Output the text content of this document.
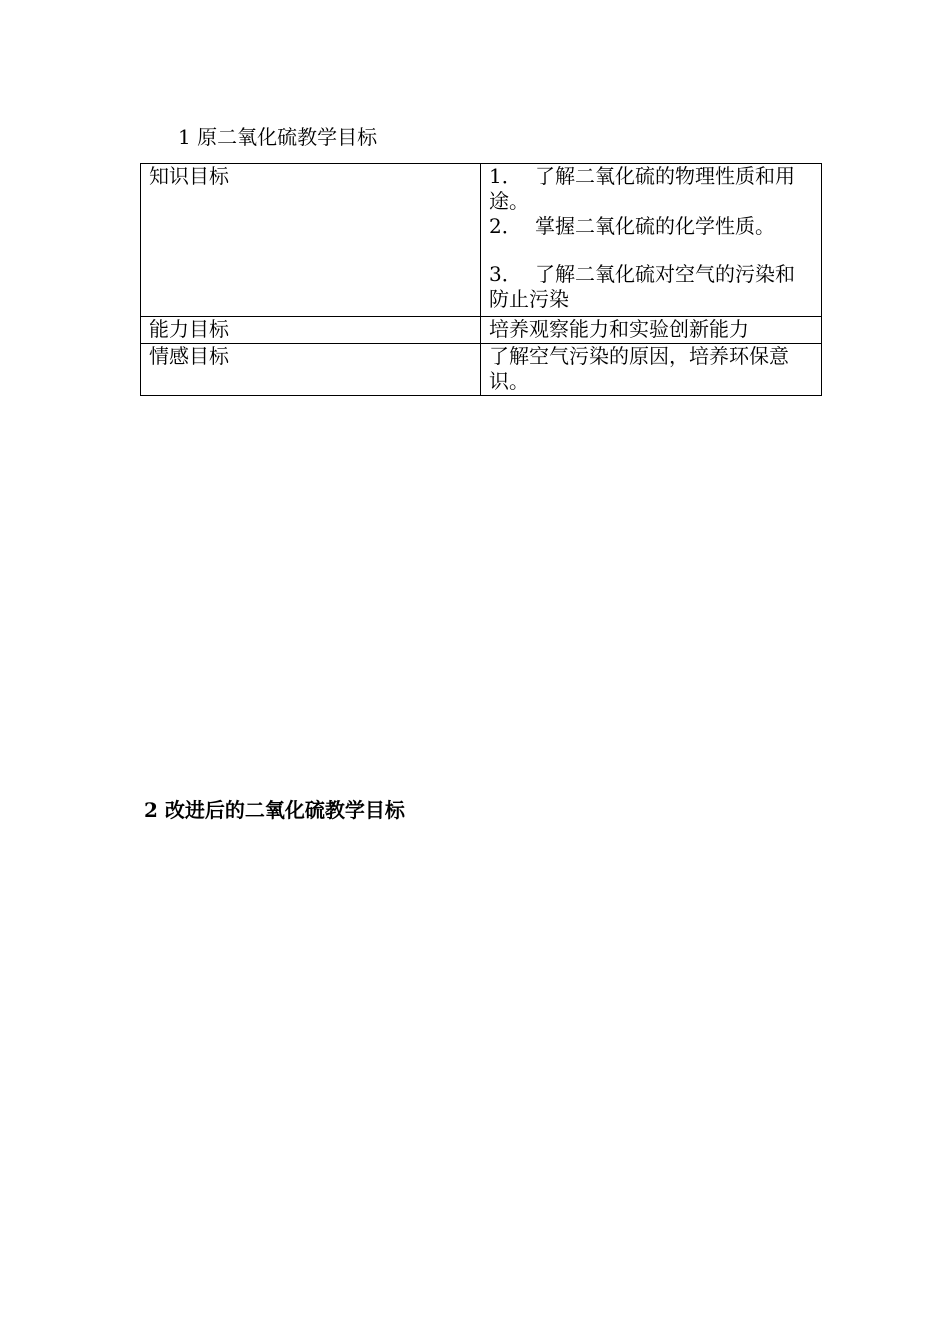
1 原二氧化硫教学目标
知识目标	1． 了解二氧化硫的物理性质和用途。
2． 掌握二氧化硫的化学性质。
3． 了解二氧化硫对空气的污染和防止污染

能力目标	培养观察能力和实验创新能力
情感目标	了解空气污染的原因，培养环保意识。
2 改进后的二氧化硫教学目标
